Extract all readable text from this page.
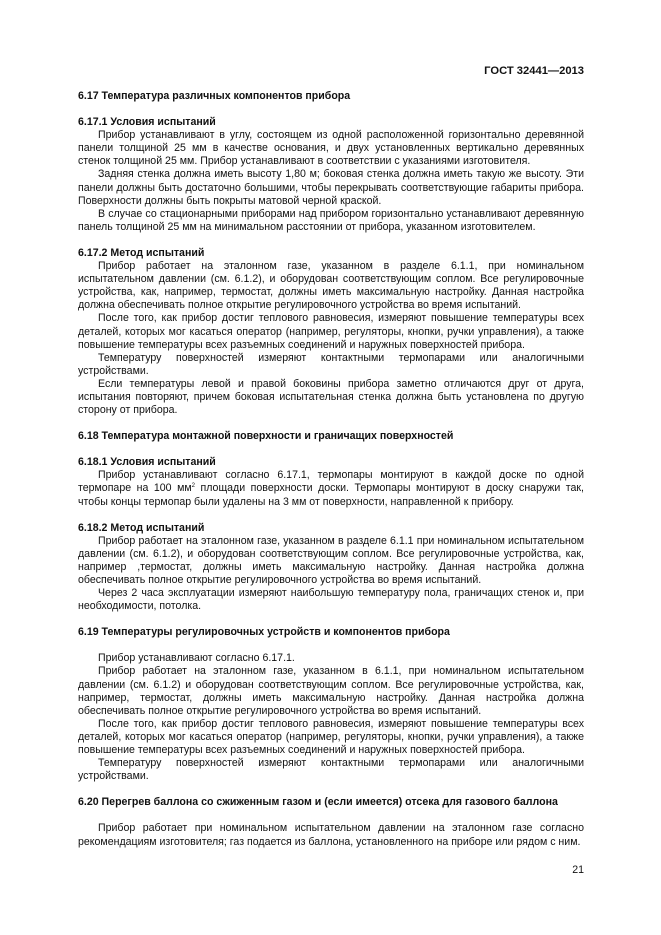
ГОСТ 32441—2013
6.17 Температура различных компонентов прибора
6.17.1 Условия испытаний

Прибор устанавливают в углу, состоящем из одной расположенной горизонтально деревянной панели толщиной 25 мм в качестве основания, и двух установленных вертикально деревянных стенок толщиной 25 мм. Прибор устанавливают в соответствии с указаниями изготовителя.

Задняя стенка должна иметь высоту 1,80 м; боковая стенка должна иметь такую же высоту. Эти панели должны быть достаточно большими, чтобы перекрывать соответствующие габариты прибора. Поверхности должны быть покрыты матовой черной краской.

В случае со стационарными приборами над прибором горизонтально устанавливают деревянную панель толщиной 25 мм на минимальном расстоянии от прибора, указанном изготовителем.

6.17.2 Метод испытаний

Прибор работает на эталонном газе, указанном в разделе 6.1.1, при номинальном испытательном давлении (см. 6.1.2), и оборудован соответствующим соплом. Все регулировочные устройства, как, например, термостат, должны иметь максимальную настройку. Данная настройка должна обеспечивать полное открытие регулировочного устройства во время испытаний.

После того, как прибор достиг теплового равновесия, измеряют повышение температуры всех деталей, которых мог касаться оператор (например, регуляторы, кнопки, ручки управления), а также повышение температуры всех разъемных соединений и наружных поверхностей прибора.

Температуру поверхностей измеряют контактными термопарами или аналогичными устройствами.

Если температуры левой и правой боковины прибора заметно отличаются друг от друга, испытания повторяют, причем боковая испытательная стенка должна быть установлена по другую сторону от прибора.

6.18 Температура монтажной поверхности и граничащих поверхностей
6.18.1 Условия испытаний

Прибор устанавливают согласно 6.17.1, термопары монтируют в каждой доске по одной термопаре на 100 $мм^2$ площади поверхности доски. Термопары монтируют в доску снаружи так, чтобы концы термопар были удалены на 3 мм от поверхности, направленной к прибору.

6.18.2 Метод испытаний

Прибор работает на эталонном газе, указанном в разделе 6.1.1 при номинальном испытательном давлении (см. 6.1.2), и оборудован соответствующим соплом. Все регулировочные устройства, как, например ,термостат, должны иметь максимальную настройку. Данная настройка должна обеспечивать полное открытие регулировочного устройства во время испытаний.

Через 2 часа эксплуатации измеряют наибольшую температуру пола, граничащих стенок и, при необходимости, потолка.

6.19 Температуры регулировочных устройств и компонентов прибора

Прибор устанавливают согласно 6.17.1.

Прибор работает на эталонном газе, указанном в 6.1.1, при номинальном испытательном давлении (см. 6.1.2) и оборудован соответствующим соплом. Все регулировочные устройства, как, например, термостат, должны иметь максимальную настройку. Данная настройка должна обеспечивать полное открытие регулировочного устройства во время испытаний.

После того, как прибор достиг теплового равновесия, измеряют повышение температуры всех деталей, которых мог касаться оператор (например, регуляторы, кнопки, ручки управления), а также повышение температуры всех разъемных соединений и наружных поверхностей прибора.

Температуру поверхностей измеряют контактными термопарами или аналогичными устройствами.

6.20 Перегрев баллона со сжиженным газом и (если имеется) отсека для газового баллона

Прибор работает при номинальном испытательном давлении на эталонном газе согласно рекомендациям изготовителя; газ подается из баллона, установленного на приборе или рядом с ним.

21
